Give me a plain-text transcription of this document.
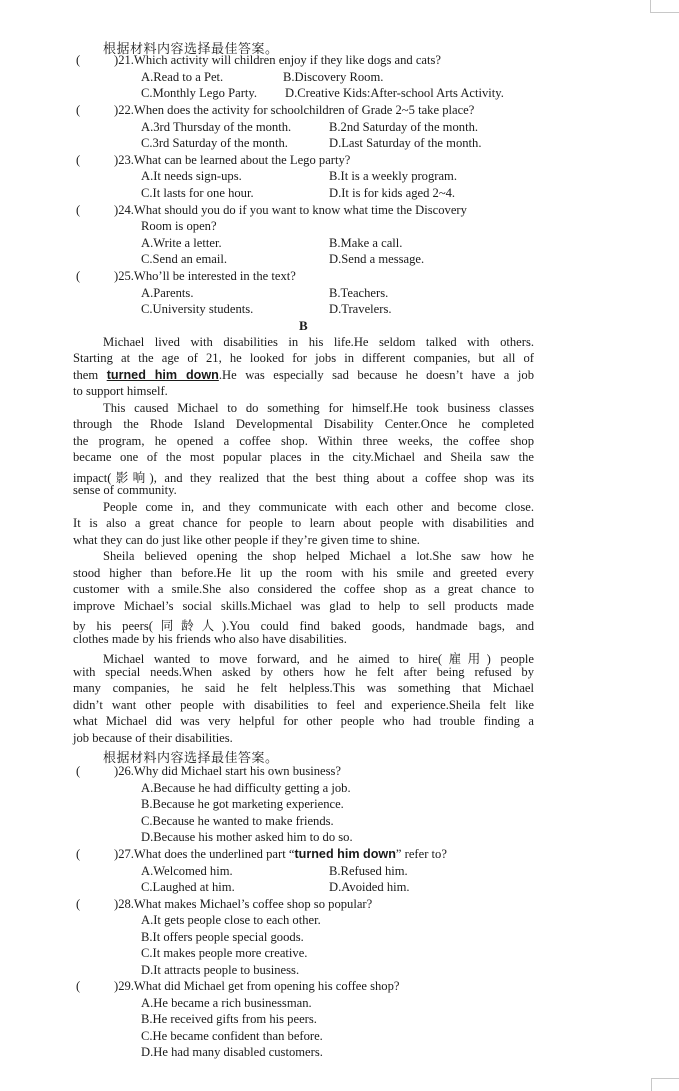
根据材料内容选择最佳答案。
(	)21.Which activity will children enjoy if they like dogs and cats?
A.Read to a Pet.	B.Discovery Room.
C.Monthly Lego Party. D.Creative Kids:After-school Arts Activity.
(	)22.When does the activity for schoolchildren of Grade 2~5 take place?
A.3rd Thursday of the month.	B.2nd Saturday of the month.
C.3rd Saturday of the month.	D.Last Saturday of the month.
(	)23.What can be learned about the Lego party?
A.It needs sign-ups.	B.It is a weekly program.
C.It lasts for one hour.	D.It is for kids aged 2~4.
(	)24.What should you do if you want to know what time the Discovery
Room is open?
A.Write a letter.	B.Make a call.
C.Send an email.	D.Send a message.
(	)25.Who’ll be interested in the text?
A.Parents.	B.Teachers.
C.University students.	D.Travelers.
B
Michael lived with disabilities in his life.He seldom talked with others.
Starting at the age of 21, he looked for jobs in different companies, but all of
them turned him down.He was especially sad because he doesn’t have a job
to support himself.
This caused Michael to do something for himself.He took business classes
through the Rhode Island Developmental Disability Center.Once he completed
the program, he opened a coffee shop. Within three weeks, the coffee shop
became one of the most popular places in the city.Michael and Sheila saw the
impact(影响), and they realized that the best thing about a coffee shop was its
sense of community.
People come in, and they communicate with each other and become close.
It is also a great chance for people to learn about people with disabilities and
what they can do just like other people if they’re given time to shine.
Sheila believed opening the shop helped Michael a lot.She saw how he
stood higher than before.He lit up the room with his smile and greeted every
customer with a smile.She also considered the coffee shop as a great chance to
improve Michael’s social skills.Michael was glad to help to sell products made
by his peers(同龄人).You could find baked goods, handmade bags, and
clothes made by his friends who also have disabilities.
Michael wanted to move forward, and he aimed to hire(雇用) people
with special needs.When asked by others how he felt after being refused by
many companies, he said he felt helpless.This was something that Michael
didn’t want other people with disabilities to feel and experience.Sheila felt like
what Michael did was very helpful for other people who had trouble finding a
job because of their disabilities.
根据材料内容选择最佳答案。
(	)26.Why did Michael start his own business?
A.Because he had difficulty getting a job.
B.Because he got marketing experience.
C.Because he wanted to make friends.
D.Because his mother asked him to do so.
(	)27.What does the underlined part “turned him down” refer to?
A.Welcomed him.	B.Refused him.
C.Laughed at him.	D.Avoided him.
(	)28.What makes Michael’s coffee shop so popular?
A.It gets people close to each other.
B.It offers people special goods.
C.It makes people more creative.
D.It attracts people to business.
(	)29.What did Michael get from opening his coffee shop?
A.He became a rich businessman.
B.He received gifts from his peers.
C.He became confident than before.
D.He had many disabled customers.
